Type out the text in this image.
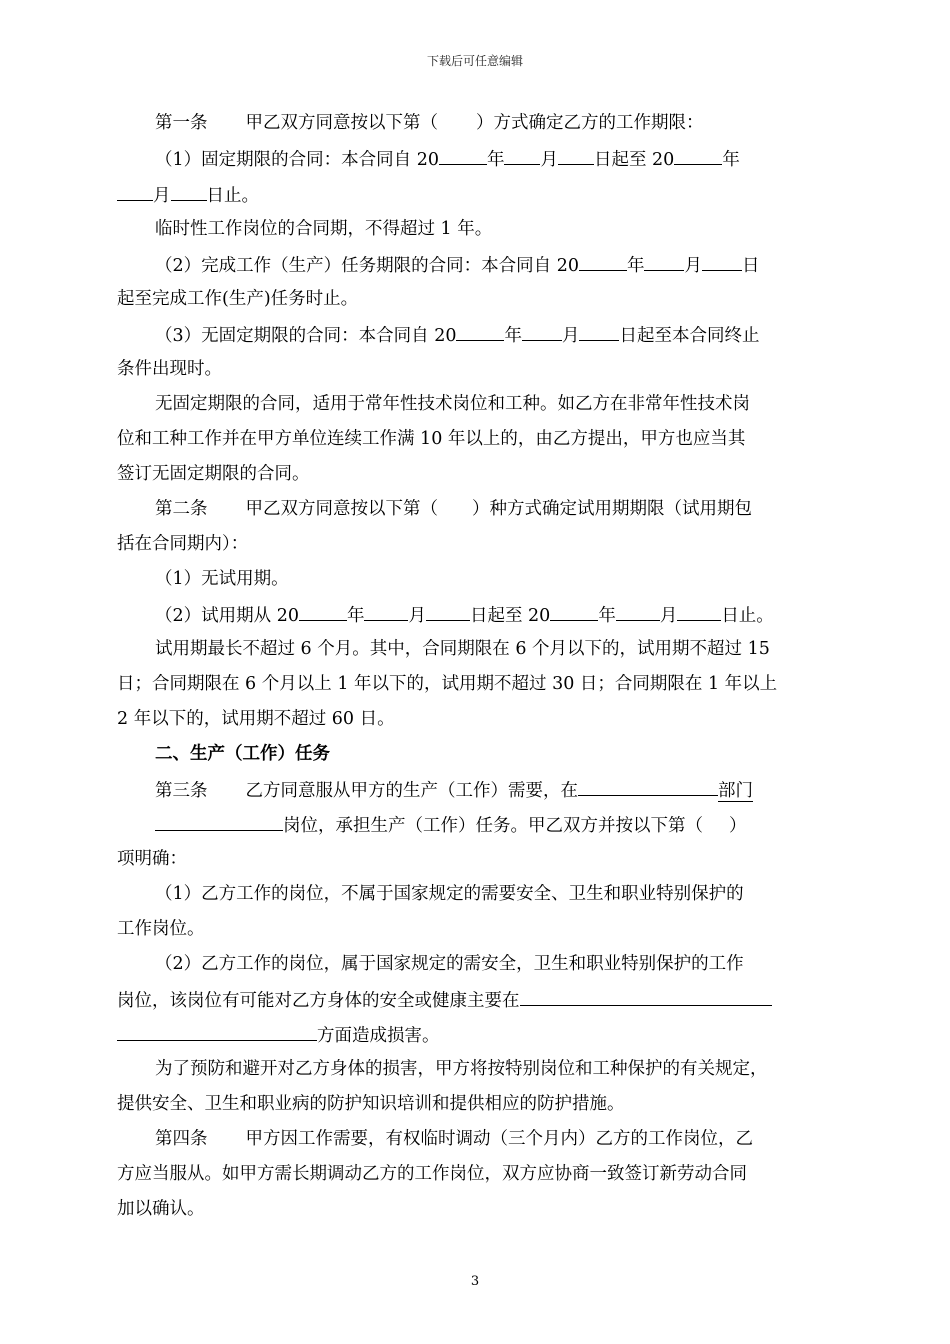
下载后可任意编辑
第一条 甲乙双方同意按以下第（ ）方式确定乙方的工作期限：
（1）固定期限的合同：本合同自 20	年 月 日起至 20	年
月 日止。
临时性工作岗位的合同期，不得超过 1 年。
（2）完成工作（生产）任务期限的合同：本合同自 20	年 月 日
起至完成工作(生产)任务时止。
（3）无固定期限的合同：本合同自 20	年 月 日起至本合同终止
条件出现时。
无固定期限的合同，适用于常年性技术岗位和工种。如乙方在非常年性技术岗
位和工种工作并在甲方单位连续工作满 10 年以上的，由乙方提出，甲方也应当其
签订无固定期限的合同。
第二条 甲乙双方同意按以下第（ ）种方式确定试用期期限（试用期包
括在合同期内）：
（1）无试用期。
（2）试用期从 20	年	月	日起至 20	年	月	日止。
试用期最长不超过 6 个月。其中，合同期限在 6 个月以下的，试用期不超过 15
日；合同期限在 6 个月以上 1 年以下的，试用期不超过 30 日；合同期限在 1 年以上
2 年以下的，试用期不超过 60 日。
二、生产（工作）任务
第三条 乙方同意服从甲方的生产（工作）需要，在	部门
岗位，承担生产（工作）任务。甲乙双方并按以下第（ ）
项明确：
（1）乙方工作的岗位，不属于国家规定的需要安全、卫生和职业特别保护的
工作岗位。
（2）乙方工作的岗位，属于国家规定的需安全，卫生和职业特别保护的工作
岗位，该岗位有可能对乙方身体的安全或健康主要在
方面造成损害。
为了预防和避开对乙方身体的损害，甲方将按特别岗位和工种保护的有关规定，
提供安全、卫生和职业病的防护知识培训和提供相应的防护措施。
第四条 甲方因工作需要，有权临时调动（三个月内）乙方的工作岗位，乙
方应当服从。如甲方需长期调动乙方的工作岗位，双方应协商一致签订新劳动合同
加以确认。
3
